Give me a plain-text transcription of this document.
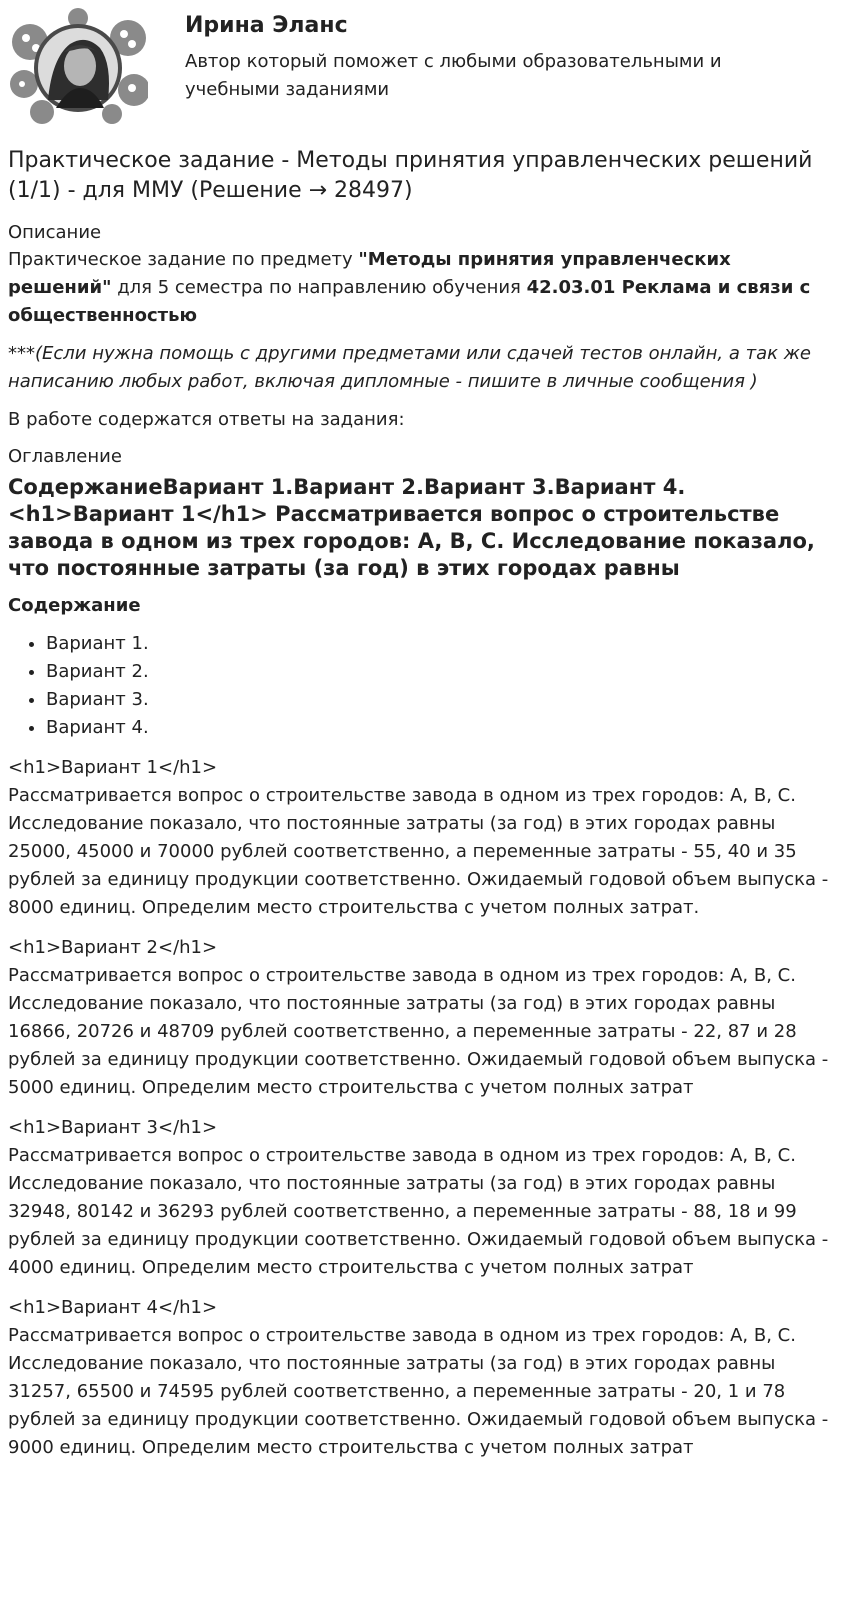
Ирина Эланс
Автор который поможет с любыми образовательными и учебными заданиями
Практическое задание - Методы принятия управленческих решений (1/1) - для ММУ (Решение → 28497)
Описание

Практическое задание по предмету "Методы принятия управленческих решений" для 5 семестра по направлению обучения 42.03.01 Реклама и связи с общественностью

***(Если нужна помощь с другими предметами или сдачей тестов онлайн, а так же написанию любых работ, включая дипломные - пишите в личные сообщения )

В работе содержатся ответы на задания:

Оглавление
СодержаниеВариант 1.Вариант 2.Вариант 3.Вариант 4.<h1>Вариант 1</h1> Рассматривается вопрос о строительстве завода в одном из трех городов: A, B, C. Исследование показало, что постоянные затраты (за год) в этих городах равны
Содержание
• Вариант 1.
• Вариант 2.
• Вариант 3.
• Вариант 4.
<h1>Вариант 1</h1>
Рассматривается вопрос о строительстве завода в одном из трех городов: A, B, C. Исследование показало, что постоянные затраты (за год) в этих городах равны 25000, 45000 и 70000 рублей соответственно, а переменные затраты - 55, 40 и 35 рублей за единицу продукции соответственно. Ожидаемый годовой объем выпуска - 8000 единиц. Определим место строительства с учетом полных затрат.
<h1>Вариант 2</h1>
Рассматривается вопрос о строительстве завода в одном из трех городов: A, B, C. Исследование показало, что постоянные затраты (за год) в этих городах равны 16866, 20726 и 48709 рублей соответственно, а переменные затраты - 22, 87 и 28 рублей за единицу продукции соответственно. Ожидаемый годовой объем выпуска - 5000 единиц. Определим место строительства с учетом полных затрат
<h1>Вариант 3</h1>
Рассматривается вопрос о строительстве завода в одном из трех городов: A, B, C. Исследование показало, что постоянные затраты (за год) в этих городах равны 32948, 80142 и 36293 рублей соответственно, а переменные затраты - 88, 18 и 99 рублей за единицу продукции соответственно. Ожидаемый годовой объем выпуска - 4000 единиц. Определим место строительства с учетом полных затрат
<h1>Вариант 4</h1>
Рассматривается вопрос о строительстве завода в одном из трех городов: A, B, C. Исследование показало, что постоянные затраты (за год) в этих городах равны 31257, 65500 и 74595 рублей соответственно, а переменные затраты - 20, 1 и 78 рублей за единицу продукции соответственно. Ожидаемый годовой объем выпуска - 9000 единиц. Определим место строительства с учетом полных затрат
